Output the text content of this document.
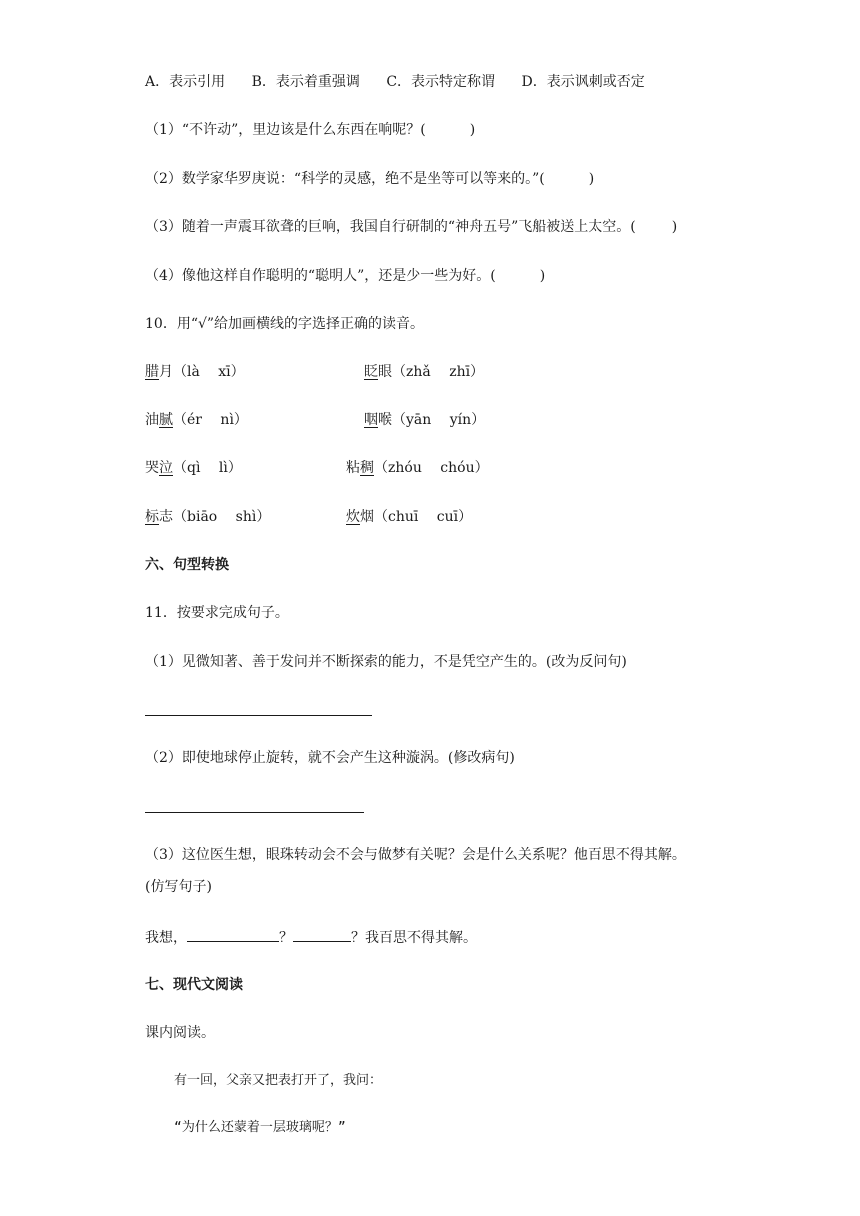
A．表示引用 B．表示着重强调 C．表示特定称谓 D．表示讽刺或否定
（1）“不许动”，里边该是什么东西在响呢？(	)
（2）数学家华罗庚说：“科学的灵感，绝不是坐等可以等来的。”(	)
（3）随着一声震耳欲聋的巨响，我国自行研制的“神舟五号”飞船被送上太空。(	)
（4）像他这样自作聪明的“聪明人”，还是少一些为好。(	)
10．用“√”给加画横线的字选择正确的读音。
腊月（là　 xī）	眨眼（zhǎ　 zhī）
油腻（ér　 nì）	咽喉（yān　 yín）
哭泣（qì　 lì）	粘稠（zhóu　 chóu）
标志（biāo　 shì）	炊烟（chuī　 cuī）
六、句型转换
11．按要求完成句子。
（1）见微知著、善于发问并不断探索的能力，不是凭空产生的。(改为反问句)
（2）即使地球停止旋转，就不会产生这种漩涡。(修改病句)
（3）这位医生想，眼珠转动会不会与做梦有关呢？会是什么关系呢？他百思不得其解。
(仿写句子)
我想，	？	？我百思不得其解。
七、现代文阅读
课内阅读。
有一回，父亲又把表打开了，我问：
“为什么还蒙着一层玻璃呢？”
